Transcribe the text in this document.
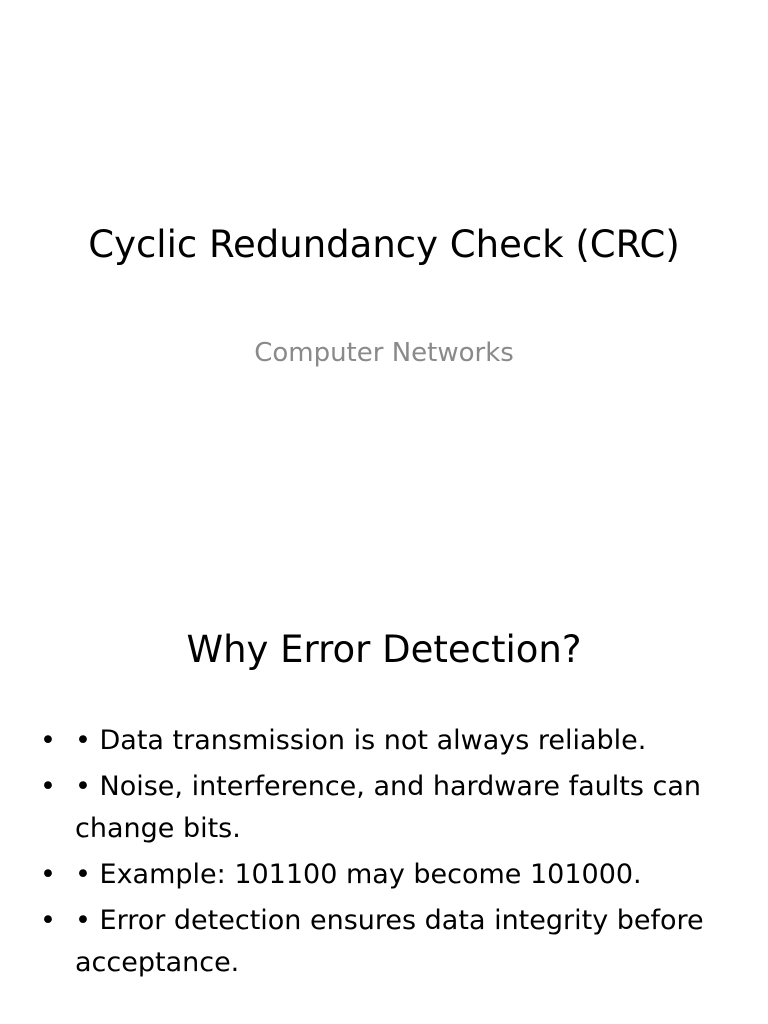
Cyclic Redundancy Check (CRC)

Computer Networks

Why Error Detection?
• • Data transmission is not always reliable.
• • Noise, interference, and hardware faults can change bits.
• • Example: 101100 may become 101000.
• • Error detection ensures data integrity before acceptance.
